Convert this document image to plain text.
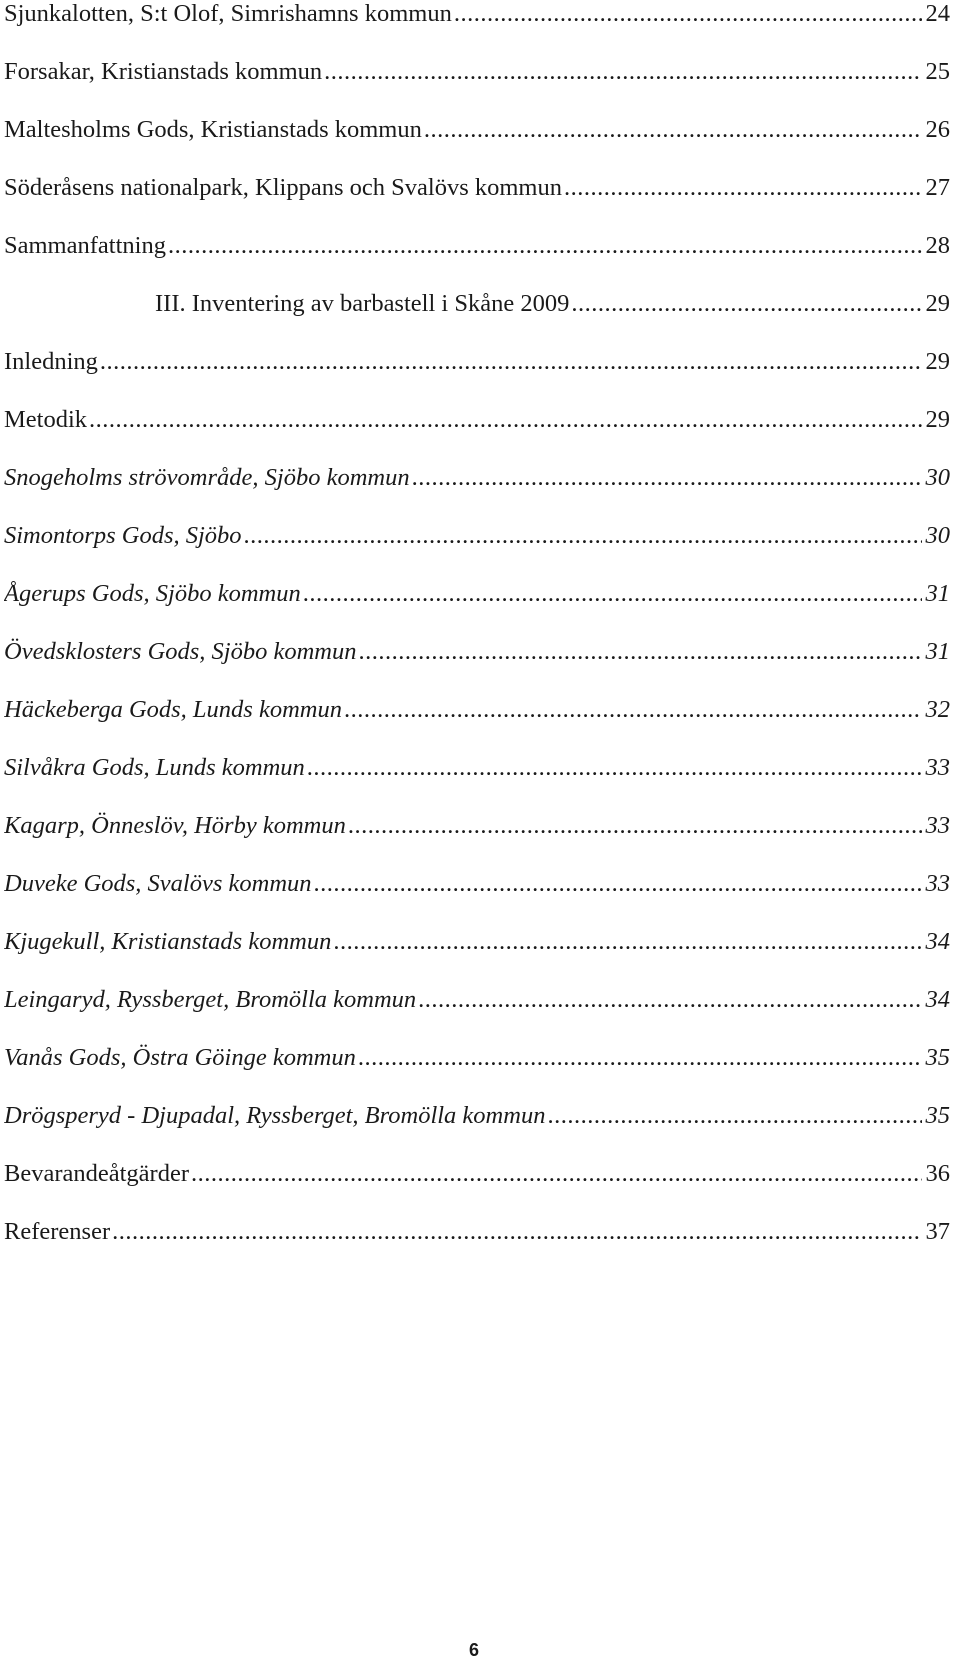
Sjunkalotten, S:t Olof, Simrishamns kommun .....	24
Forsakar, Kristianstads kommun .....	25
Maltesholms Gods, Kristianstads kommun .....	26
Söderåsens nationalpark, Klippans och Svalövs kommun .....	27
Sammanfattning .....	28
III. Inventering av barbastell i Skåne 2009 .....	29
Inledning .....	29
Metodik .....	29
Snogeholms strövområde, Sjöbo kommun .....	30
Simontorps Gods, Sjöbo .....	30
Ågerups Gods, Sjöbo kommun .....	31
Övedsklosters Gods, Sjöbo kommun .....	31
Häckeberga Gods, Lunds kommun .....	32
Silvåkra Gods, Lunds kommun .....	33
Kagarp, Önneslöv, Hörby kommun .....	33
Duveke Gods, Svalövs kommun .....	33
Kjugekull, Kristianstads kommun .....	34
Leingaryd, Ryssberget, Bromölla kommun .....	34
Vanås Gods, Östra Göinge kommun .....	35
Drögsperyd - Djupadal, Ryssberget, Bromölla kommun .....	35
Bevarandeåtgärder .....	36
Referenser .....	37
6
